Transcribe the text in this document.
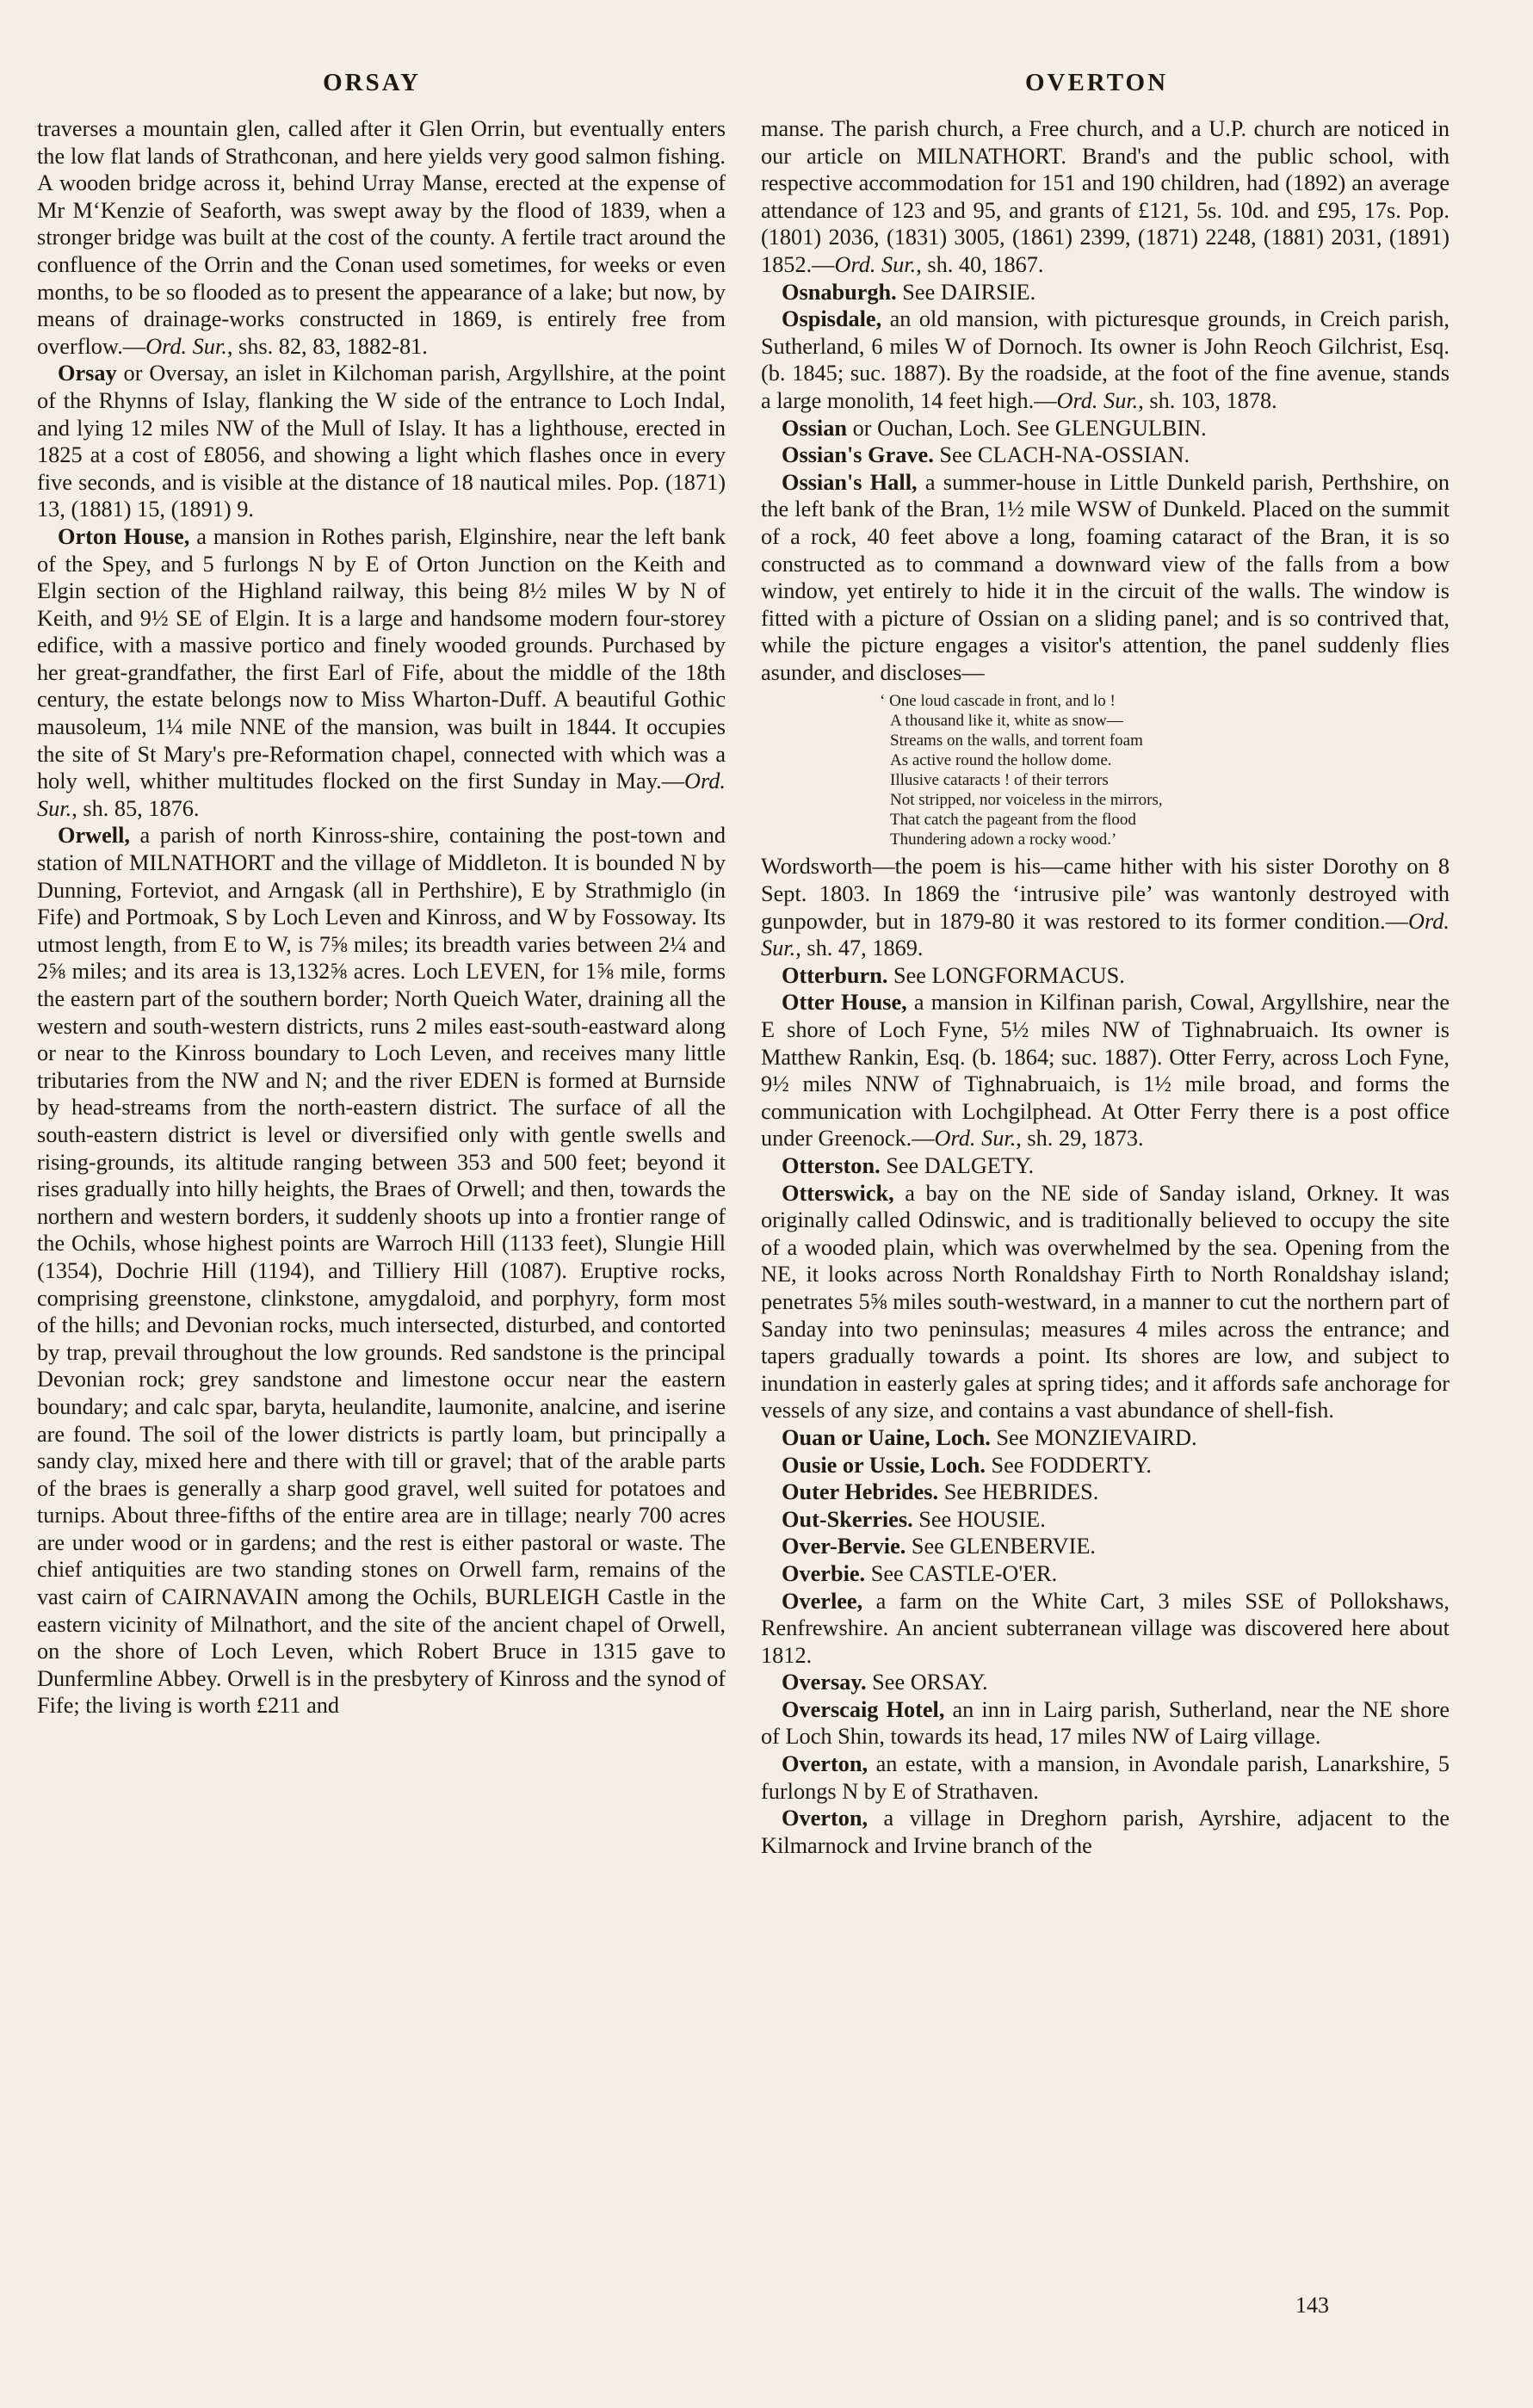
ORSAY	OVERTON

traverses a mountain glen, called after it Glen Orrin, but eventually enters the low flat lands of Strathconan, and here yields very good salmon fishing. A wooden bridge across it, behind Urray Manse, erected at the expense of Mr M‘Kenzie of Seaforth, was swept away by the flood of 1839, when a stronger bridge was built at the cost of the county. A fertile tract around the confluence of the Orrin and the Conan used sometimes, for weeks or even months, to be so flooded as to present the appearance of a lake; but now, by means of drainage-works constructed in 1869, is entirely free from overflow.—Ord. Sur., shs. 82, 83, 1882-81.

Orsay or Oversay, an islet in Kilchoman parish, Argyllshire, at the point of the Rhynns of Islay, flanking the W side of the entrance to Loch Indal, and lying 12 miles NW of the Mull of Islay. It has a lighthouse, erected in 1825 at a cost of £8056, and showing a light which flashes once in every five seconds, and is visible at the distance of 18 nautical miles. Pop. (1871) 13, (1881) 15, (1891) 9.

Orton House, a mansion in Rothes parish, Elginshire, near the left bank of the Spey, and 5 furlongs N by E of Orton Junction on the Keith and Elgin section of the Highland railway, this being 8½ miles W by N of Keith, and 9½ SE of Elgin. It is a large and handsome modern four-storey edifice, with a massive portico and finely wooded grounds. Purchased by her great-grandfather, the first Earl of Fife, about the middle of the 18th century, the estate belongs now to Miss Wharton-Duff. A beautiful Gothic mausoleum, 1¼ mile NNE of the mansion, was built in 1844. It occupies the site of St Mary's pre-Reformation chapel, connected with which was a holy well, whither multitudes flocked on the first Sunday in May.—Ord. Sur., sh. 85, 1876.

Orwell, a parish of north Kinross-shire, containing the post-town and station of MILNATHORT and the village of Middleton. It is bounded N by Dunning, Forteviot, and Arngask (all in Perthshire), E by Strathmiglo (in Fife) and Portmoak, S by Loch Leven and Kinross, and W by Fossoway. Its utmost length, from E to W, is 7⅝ miles; its breadth varies between 2¼ and 2⅝ miles; and its area is 13,132⅝ acres. Loch LEVEN, for 1⅝ mile, forms the eastern part of the southern border; North Queich Water, draining all the western and south-western districts, runs 2 miles east-south-eastward along or near to the Kinross boundary to Loch Leven, and receives many little tributaries from the NW and N; and the river EDEN is formed at Burnside by head-streams from the north-eastern district. The surface of all the south-eastern district is level or diversified only with gentle swells and rising-grounds, its altitude ranging between 353 and 500 feet; beyond it rises gradually into hilly heights, the Braes of Orwell; and then, towards the northern and western borders, it suddenly shoots up into a frontier range of the Ochils, whose highest points are Warroch Hill (1133 feet), Slungie Hill (1354), Dochrie Hill (1194), and Tilliery Hill (1087). Eruptive rocks, comprising greenstone, clinkstone, amygdaloid, and porphyry, form most of the hills; and Devonian rocks, much intersected, disturbed, and contorted by trap, prevail throughout the low grounds. Red sandstone is the principal Devonian rock; grey sandstone and limestone occur near the eastern boundary; and calc spar, baryta, heulandite, laumonite, analcine, and iserine are found. The soil of the lower districts is partly loam, but principally a sandy clay, mixed here and there with till or gravel; that of the arable parts of the braes is generally a sharp good gravel, well suited for potatoes and turnips. About three-fifths of the entire area are in tillage; nearly 700 acres are under wood or in gardens; and the rest is either pastoral or waste. The chief antiquities are two standing stones on Orwell farm, remains of the vast cairn of CAIRNAVAIN among the Ochils, BURLEIGH Castle in the eastern vicinity of Milnathort, and the site of the ancient chapel of Orwell, on the shore of Loch Leven, which Robert Bruce in 1315 gave to Dunfermline Abbey. Orwell is in the presbytery of Kinross and the synod of Fife; the living is worth £211 and

manse. The parish church, a Free church, and a U.P. church are noticed in our article on MILNATHORT. Brand's and the public school, with respective accommodation for 151 and 190 children, had (1892) an average attendance of 123 and 95, and grants of £121, 5s. 10d. and £95, 17s. Pop. (1801) 2036, (1831) 3005, (1861) 2399, (1871) 2248, (1881) 2031, (1891) 1852.—Ord. Sur., sh. 40, 1867.

Osnaburgh. See DAIRSIE.

Ospisdale, an old mansion, with picturesque grounds, in Creich parish, Sutherland, 6 miles W of Dornoch. Its owner is John Reoch Gilchrist, Esq. (b. 1845; suc. 1887). By the roadside, at the foot of the fine avenue, stands a large monolith, 14 feet high.—Ord. Sur., sh. 103, 1878.

Ossian or Ouchan, Loch. See GLENGULBIN.

Ossian's Grave. See CLACH-NA-OSSIAN.

Ossian's Hall, a summer-house in Little Dunkeld parish, Perthshire, on the left bank of the Bran, 1½ mile WSW of Dunkeld. Placed on the summit of a rock, 40 feet above a long, foaming cataract of the Bran, it is so constructed as to command a downward view of the falls from a bow window, yet entirely to hide it in the circuit of the walls. The window is fitted with a picture of Ossian on a sliding panel; and is so contrived that, while the picture engages a visitor's attention, the panel suddenly flies asunder, and discloses—

‘ One loud cascade in front, and lo !
A thousand like it, white as snow—
Streams on the walls, and torrent foam
As active round the hollow dome.
Illusive cataracts ! of their terrors
Not stripped, nor voiceless in the mirrors,
That catch the pageant from the flood
Thundering adown a rocky wood.’

Wordsworth—the poem is his—came hither with his sister Dorothy on 8 Sept. 1803. In 1869 the ‘intrusive pile’ was wantonly destroyed with gunpowder, but in 1879-80 it was restored to its former condition.—Ord. Sur., sh. 47, 1869.

Otterburn. See LONGFORMACUS.

Otter House, a mansion in Kilfinan parish, Cowal, Argyllshire, near the E shore of Loch Fyne, 5½ miles NW of Tighnabruaich. Its owner is Matthew Rankin, Esq. (b. 1864; suc. 1887). Otter Ferry, across Loch Fyne, 9½ miles NNW of Tighnabruaich, is 1½ mile broad, and forms the communication with Lochgilphead. At Otter Ferry there is a post office under Greenock.—Ord. Sur., sh. 29, 1873.

Otterston. See DALGETY.

Otterswick, a bay on the NE side of Sanday island, Orkney. It was originally called Odinswic, and is traditionally believed to occupy the site of a wooded plain, which was overwhelmed by the sea. Opening from the NE, it looks across North Ronaldshay Firth to North Ronaldshay island; penetrates 5⅝ miles south-westward, in a manner to cut the northern part of Sanday into two peninsulas; measures 4 miles across the entrance; and tapers gradually towards a point. Its shores are low, and subject to inundation in easterly gales at spring tides; and it affords safe anchorage for vessels of any size, and contains a vast abundance of shell-fish.

Ouan or Uaine, Loch. See MONZIEVAIRD.

Ousie or Ussie, Loch. See FODDERTY.

Outer Hebrides. See HEBRIDES.

Out-Skerries. See HOUSIE.

Over-Bervie. See GLENBERVIE.

Overbie. See CASTLE-O'ER.

Overlee, a farm on the White Cart, 3 miles SSE of Pollokshaws, Renfrewshire. An ancient subterranean village was discovered here about 1812.

Oversay. See ORSAY.

Overscaig Hotel, an inn in Lairg parish, Sutherland, near the NE shore of Loch Shin, towards its head, 17 miles NW of Lairg village.

Overton, an estate, with a mansion, in Avondale parish, Lanarkshire, 5 furlongs N by E of Strathaven.

Overton, a village in Dreghorn parish, Ayrshire, adjacent to the Kilmarnock and Irvine branch of the

143
